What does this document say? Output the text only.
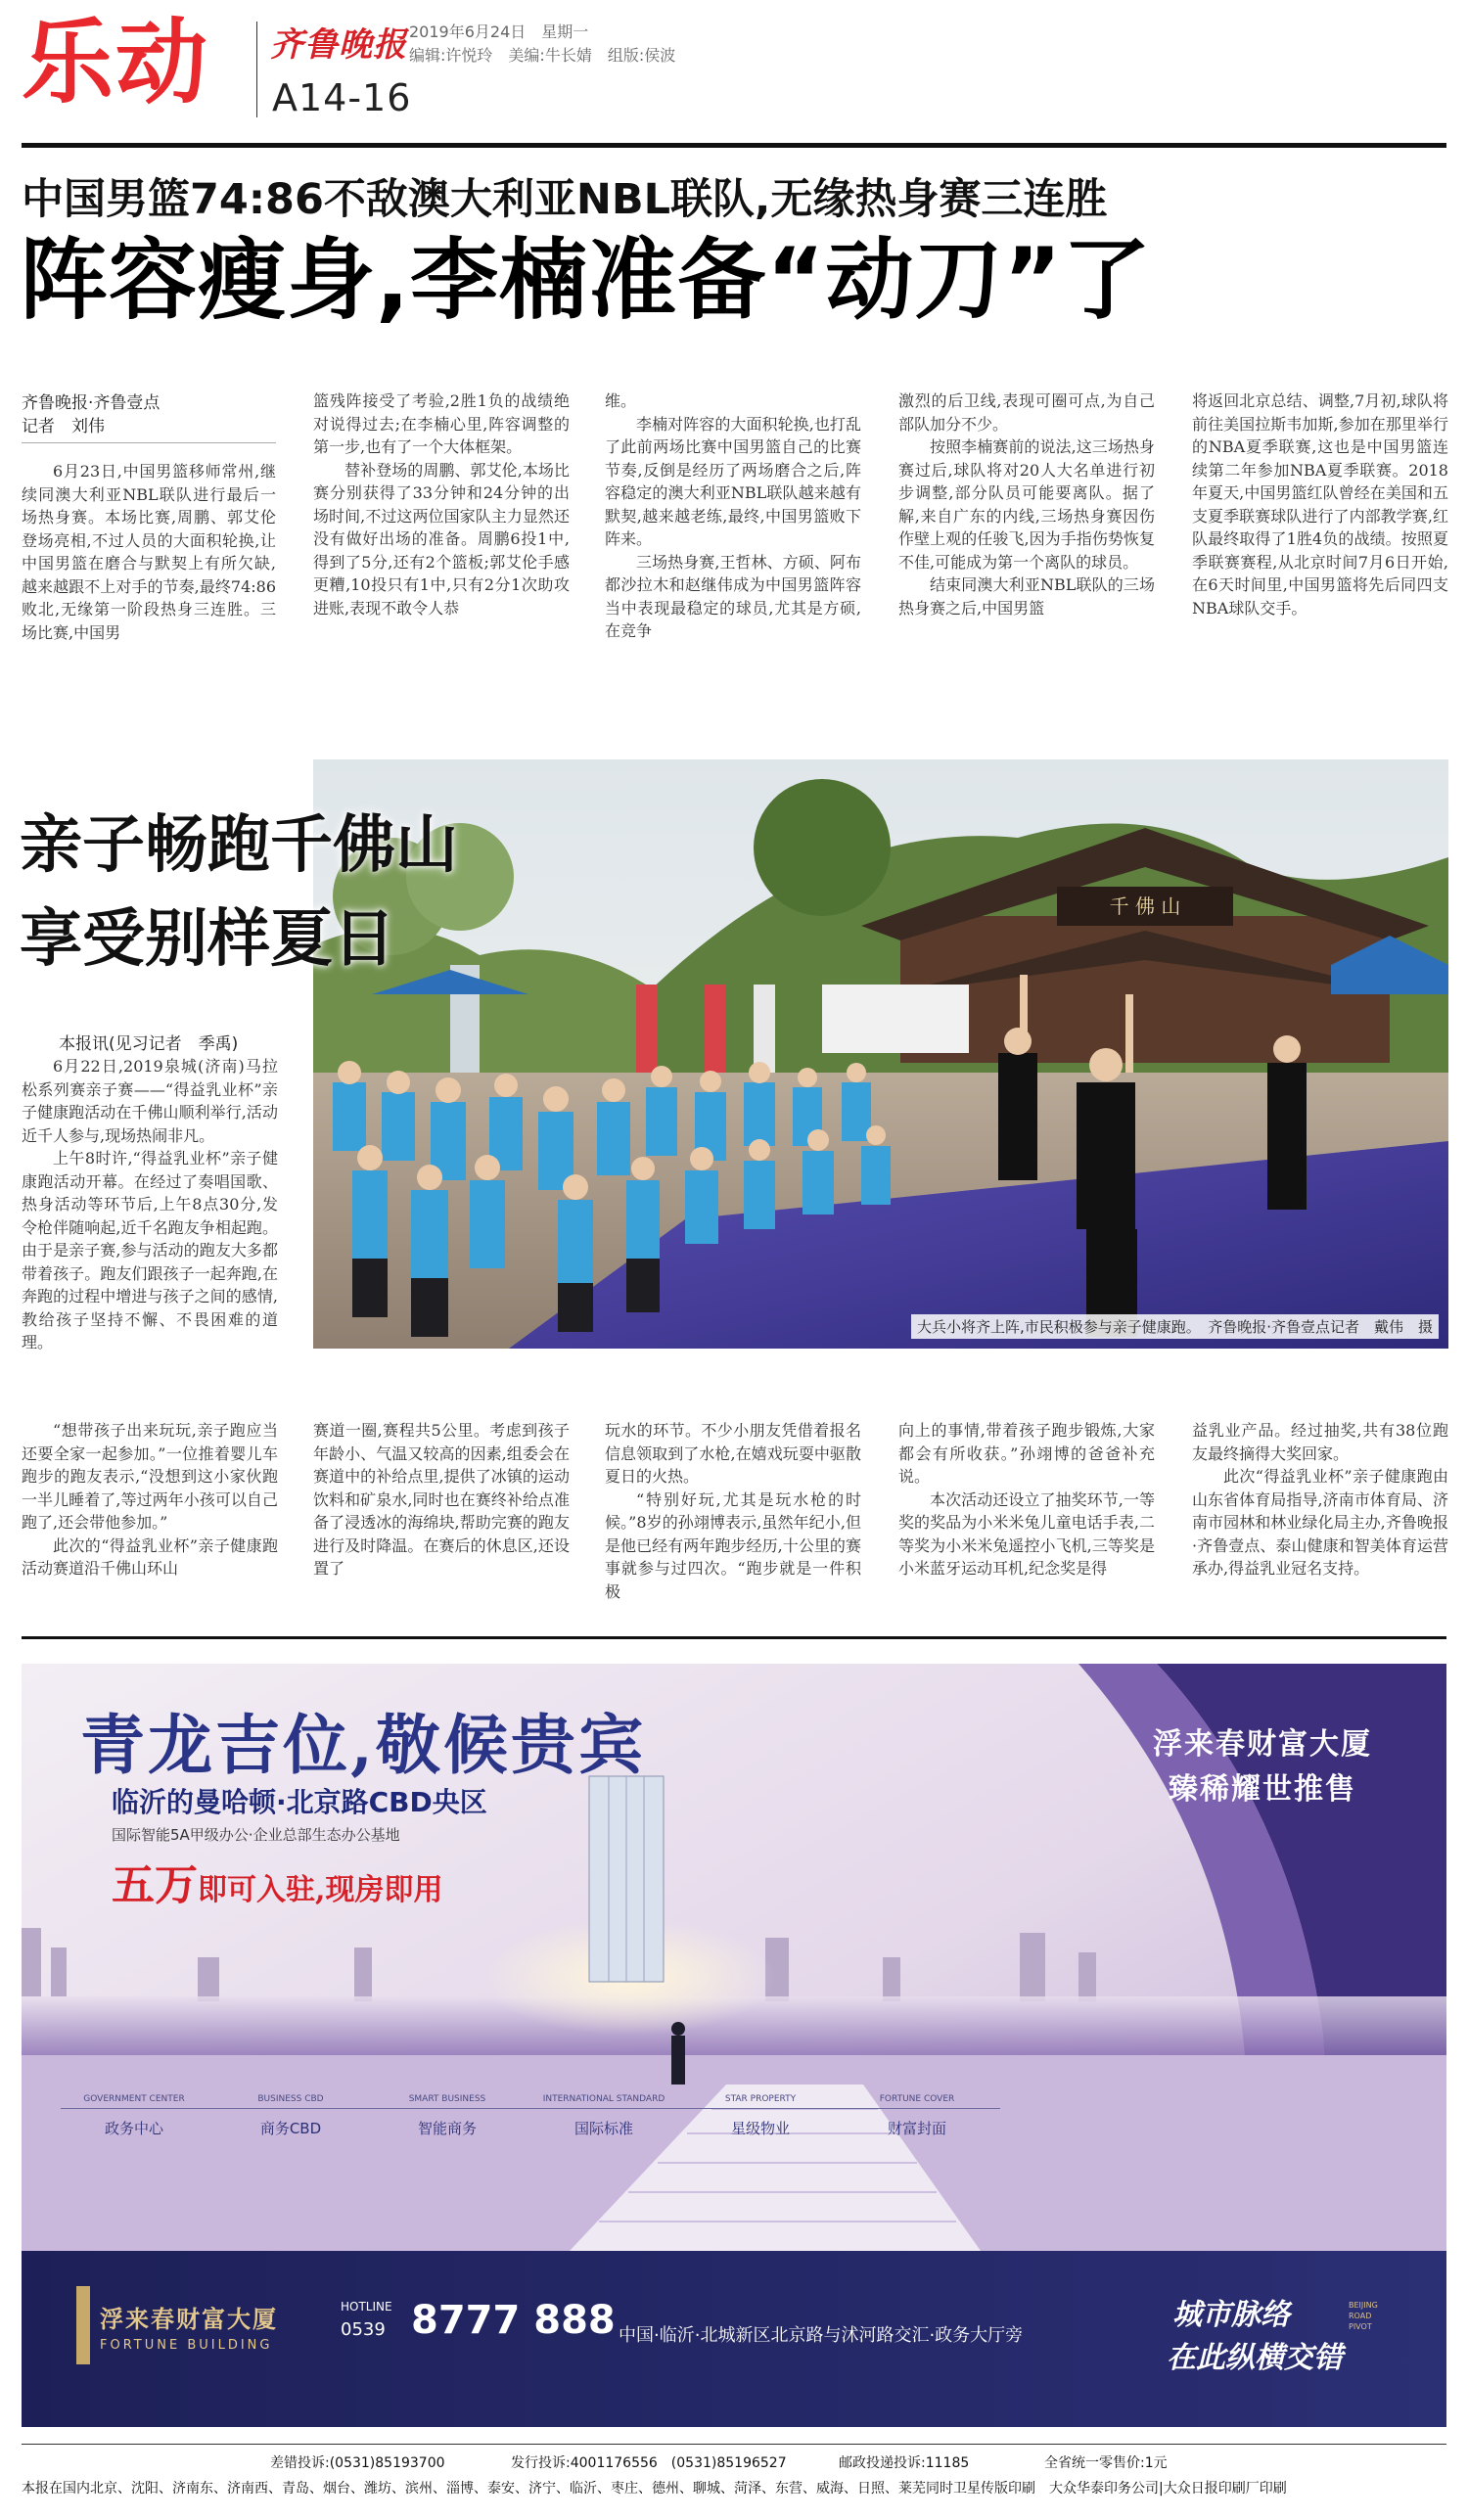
乐动 齐鲁晚报 2019年6月24日　 星期一
编辑:许悦玲　 美编:牛长婧　 组版:侯波
A14-16
中国男篮74:86不敌澳大利亚NBL联队,无缘热身赛三连胜
阵容瘦身,李楠准备“动刀”了
齐鲁晚报·齐鲁壹点
记者　刘伟

6月23日,中国男篮移师常州,继续同澳大利亚NBL联队进行最后一场热身赛。本场比赛,周鹏、郭艾伦登场亮相,不过人员的大面积轮换,让中国男篮在磨合与默契上有所欠缺,越来越跟不上对手的节奏,最终74:86败北,无缘第一阶段热身三连胜。三场比赛,中国男

篮残阵接受了考验,2胜1负的战绩绝对说得过去;在李楠心里,阵容调整的第一步,也有了一个大体框架。

替补登场的周鹏、郭艾伦,本场比赛分别获得了33分钟和24分钟的出场时间,不过这两位国家队主力显然还没有做好出场的准备。周鹏6投1中,得到了5分,还有2个篮板;郭艾伦手感更糟,10投只有1中,只有2分1次助攻进账,表现不敢令人恭

维。

李楠对阵容的大面积轮换,也打乱了此前两场比赛中国男篮自己的比赛节奏,反倒是经历了两场磨合之后,阵容稳定的澳大利亚NBL联队越来越有默契,越来越老练,最终,中国男篮败下阵来。

三场热身赛,王哲林、方硕、阿布都沙拉木和赵继伟成为中国男篮阵容当中表现最稳定的球员,尤其是方硕,在竞争

激烈的后卫线,表现可圈可点,为自己部队加分不少。

按照李楠赛前的说法,这三场热身赛过后,球队将对20人大名单进行初步调整,部分队员可能要离队。据了解,来自广东的内线,三场热身赛因伤作壁上观的任骏飞,因为手指伤势恢复不佳,可能成为第一个离队的球员。

结束同澳大利亚NBL联队的三场热身赛之后,中国男篮

将返回北京总结、调整,7月初,球队将前往美国拉斯韦加斯,参加在那里举行的NBA夏季联赛,这也是中国男篮连续第二年参加NBA夏季联赛。2018年夏天,中国男篮红队曾经在美国和五支夏季联赛球队进行了内部教学赛,红队最终取得了1胜4负的战绩。按照夏季联赛赛程,从北京时间7月6日开始,在6天时间里,中国男篮将先后同四支NBA球队交手。

千 佛 山
大兵小将齐上阵,市民积极参与亲子健康跑。　齐鲁晚报·齐鲁壹点记者　戴伟　摄
亲子畅跑千佛山
享受别样夏日
本报讯(见习记者　季禹)

6月22日,2019泉城(济南)马拉松系列赛亲子赛——“得益乳业杯”亲子健康跑活动在千佛山顺利举行,活动近千人参与,现场热闹非凡。

上午8时许,“得益乳业杯”亲子健康跑活动开幕。在经过了奏唱国歌、热身活动等环节后,上午8点30分,发令枪伴随响起,近千名跑友争相起跑。由于是亲子赛,参与活动的跑友大多都带着孩子。跑友们跟孩子一起奔跑,在奔跑的过程中增进与孩子之间的感情,教给孩子坚持不懈、不畏困难的道理。

“想带孩子出来玩玩,亲子跑应当还要全家一起参加。”一位推着婴儿车跑步的跑友表示,“没想到这小家伙跑一半儿睡着了,等过两年小孩可以自己跑了,还会带他参加。”

此次的“得益乳业杯”亲子健康跑活动赛道沿千佛山环山

赛道一圈,赛程共5公里。考虑到孩子年龄小、气温又较高的因素,组委会在赛道中的补给点里,提供了冰镇的运动饮料和矿泉水,同时也在赛终补给点准备了浸透冰的海绵块,帮助完赛的跑友进行及时降温。在赛后的休息区,还设置了

玩水的环节。不少小朋友凭借着报名信息领取到了水枪,在嬉戏玩耍中驱散夏日的火热。

“特别好玩,尤其是玩水枪的时候。”8岁的孙翊博表示,虽然年纪小,但是他已经有两年跑步经历,十公里的赛事就参与过四次。“跑步就是一件积极

向上的事情,带着孩子跑步锻炼,大家都会有所收获。”孙翊博的爸爸补充说。

本次活动还设立了抽奖环节,一等奖的奖品为小米米兔儿童电话手表,二等奖为小米米兔遥控小飞机,三等奖是小米蓝牙运动耳机,纪念奖是得

益乳业产品。经过抽奖,共有38位跑友最终摘得大奖回家。

此次“得益乳业杯”亲子健康跑由山东省体育局指导,济南市体育局、济南市园林和林业绿化局主办,齐鲁晚报·齐鲁壹点、泰山健康和智美体育运营承办,得益乳业冠名支持。

青龙吉位,敬候贵宾
临沂的曼哈顿·北京路CBD央区
国际智能5A甲级办公·企业总部生态办公基地
五万即可入驻,现房即用
浮来春财富大厦
臻稀耀世推售
GOVERNMENT CENTER
政务中心
BUSINESS CBD
商务CBD
SMART BUSINESS
智能商务
INTERNATIONAL STANDARD
国际标准
STAR PROPERTY
星级物业
FORTUNE COVER
财富封面
浮来春财富大厦
FORTUNE BUILDING
HOTLINE
0539 8777 888 中国·临沂·北城新区北京路与沭河路交汇·政务大厅旁
城市脉络
在此纵横交错
BEIJING ROAD PIVOT
差错投诉:(0531)85193700	发行投诉:4001176556　(0531)85196527	邮政投递投诉:11185	全省统一零售价:1元
本报在国内北京、沈阳、济南东、济南西、青岛、烟台、潍坊、滨州、淄博、泰安、济宁、临沂、枣庄、德州、聊城、菏泽、东营、威海、日照、莱芜同时卫星传版印刷　大众华泰印务公司|大众日报印刷厂印刷
